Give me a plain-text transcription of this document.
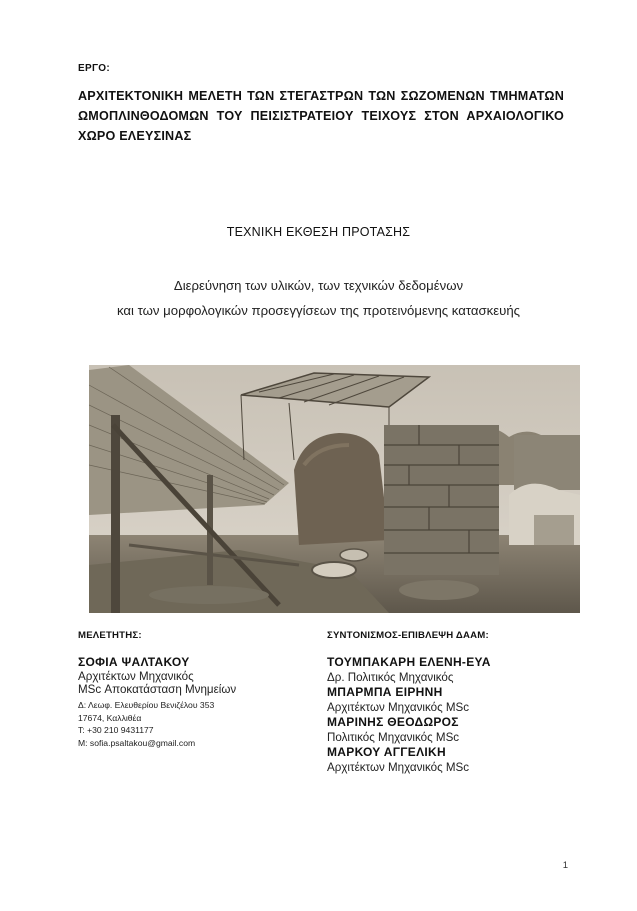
ΕΡΓΟ:
ΑΡΧΙΤΕΚΤΟΝΙΚΗ ΜΕΛΕΤΗ ΤΩΝ ΣΤΕΓΑΣΤΡΩΝ ΤΩΝ ΣΩΖΟΜΕΝΩΝ ΤΜΗΜΑΤΩΝ ΩΜΟΠΛΙΝΘΟΔΟΜΩΝ ΤΟΥ ΠΕΙΣΙΣΤΡΑΤΕΙΟΥ ΤΕΙΧΟΥΣ ΣΤΟΝ ΑΡΧΑΙΟΛΟΓΙΚΟ ΧΩΡΟ ΕΛΕΥΣΙΝΑΣ
ΤΕΧΝΙΚΗ ΕΚΘΕΣΗ ΠΡΟΤΑΣΗΣ
Διερεύνηση των υλικών, των τεχνικών δεδομένων
και των μορφολογικών προσεγγίσεων της προτεινόμενης κατασκευής
ΜΕΛΕΤΗΤΗΣ:
ΣΟΦΙΑ ΨΑΛΤΑΚΟΥ
Αρχιτέκτων Μηχανικός
MSc Αποκατάσταση Μνημείων
Δ: Λεωφ. Ελευθερίου Βενιζέλου 353
17674, Καλλιθέα
T: +30 210 9431177
M: sofia.psaltakou@gmail.com
ΣΥΝΤΟΝΙΣΜΟΣ-ΕΠΙΒΛΕΨΗ ΔΑΑΜ:
ΤΟΥΜΠΑΚΑΡΗ ΕΛΕΝΗ-ΕΥΑ
Δρ. Πολιτικός Μηχανικός
ΜΠΑΡΜΠΑ ΕΙΡΗΝΗ
Αρχιτέκτων Μηχανικός MSc
ΜΑΡΙΝΗΣ ΘΕΟΔΩΡΟΣ
Πολιτικός Μηχανικός MSc
ΜΑΡΚΟΥ ΑΓΓΕΛΙΚΗ
Αρχιτέκτων Μηχανικός MSc
1
